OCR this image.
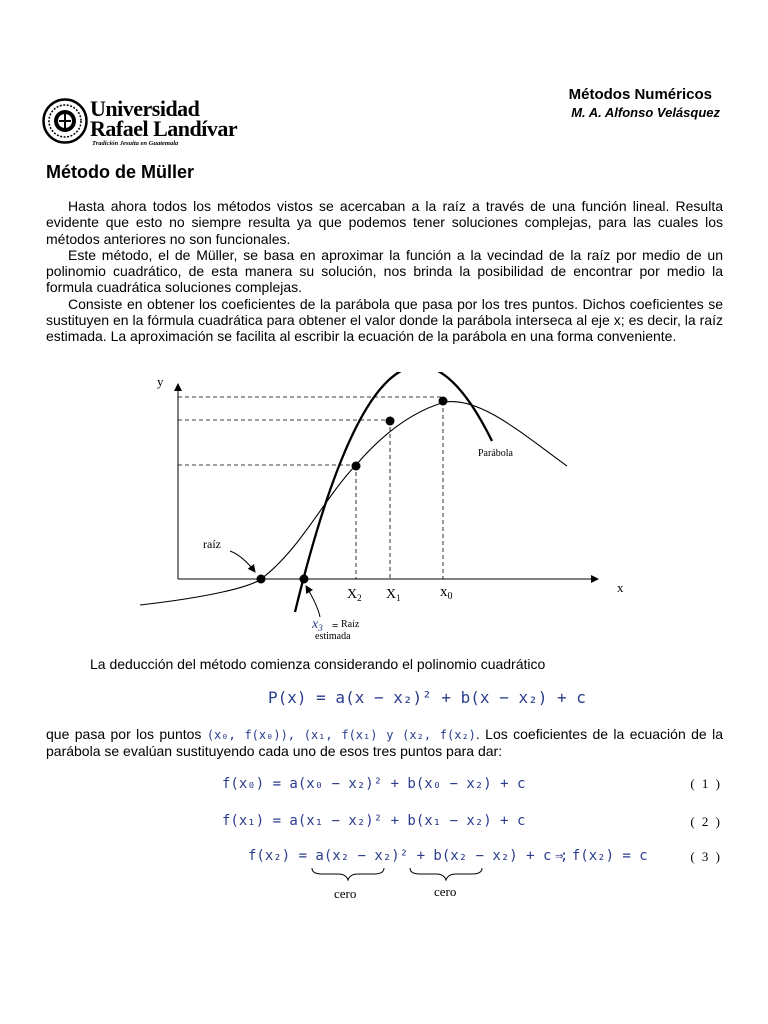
Métodos Numéricos
M. A. Alfonso Velásquez
Universidad
Rafael Landívar
Tradición Jesuita en Guatemala
Método de Müller

Hasta ahora todos los métodos vistos se acercaban a la raíz a través de una función lineal. Resulta evidente que esto no siempre resulta ya que podemos tener soluciones complejas, para las cuales los métodos anteriores no son funcionales.

Este método, el de Müller, se basa en aproximar la función a la vecindad de la raíz por medio de un polinomio cuadrático, de esta manera su solución, nos brinda la posibilidad de encontrar por medio la formula cuadrática soluciones complejas.

Consiste en obtener los coeficientes de la parábola que pasa por los tres puntos. Dichos coeficientes se sustituyen en la fórmula cuadrática para obtener el valor donde la parábola interseca al eje x; es decir, la raíz estimada. La aproximación se facilita al escribir la ecuación de la parábola en una forma conveniente.

y
x
Parábola
raíz
$X_2$ $X_1$	$x_0$
$x_3$ = Raíz
estimada
La deducción del método comienza considerando el polinomio cuadrático
P(x) = a(x − x₂)² + b(x − x₂) + c
que pasa por los puntos (x₀, f(x₀)), (x₁, f(x₁) y (x₂, f(x₂). Los coeficientes de la ecuación de la parábola se evalúan sustituyendo cada uno de esos tres puntos para dar:
f(x₀) = a(x₀ − x₂)² + b(x₀ − x₂) + c	( 1 )
f(x₁) = a(x₁ − x₂)² + b(x₁ − x₂) + c	( 2 )
f(x₂) = a(x₂ − x₂)² + b(x₂ − x₂) + c ;
⇒ f(x₂) = c	( 3 )
cero	cero
